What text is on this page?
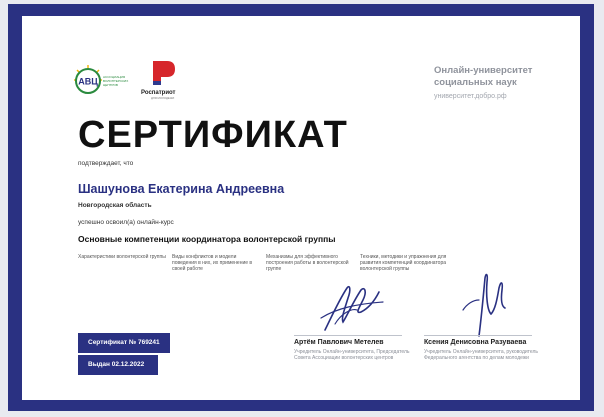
АВЦ АССОЦИАЦИЯ
ВОЛОНТЕРСКИХ
ЦЕНТРОВ
Роспатриот
ДЛЯ МОЛОДЕЖИ
Онлайн-университет социальных наук
университет.добро.рф
СЕРТИФИКАТ
подтверждает, что
Шашунова Екатерина Андреевна
Новгородская область
успешно освоил(а) онлайн-курс
Основные компетенции координатора волонтерской группы
Характеристики волонтерской группы Виды конфликтов и модели поведения в них, их применение в своей работе
Механизмы для эффективного построения работы в волонтерской группе
Техники, методики и упражнения для развития компетенций координатора волонтерской группы
Артём Павлович Метелев
Учредитель Онлайн-университета, Председатель Совета Ассоциации волонтерских центров
Ксения Денисовна Разуваева
Учредитель Онлайн-университета, руководитель Федерального агентства по делам молодежи
Сертификат № 769241
Выдан 02.12.2022
